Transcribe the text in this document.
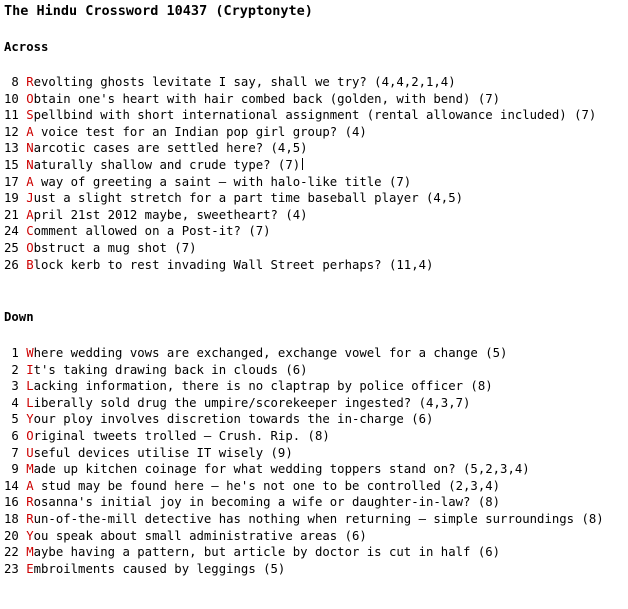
The Hindu Crossword 10437 (Cryptonyte)
Across
8 Revolting ghosts levitate I say, shall we try? (4,4,2,1,4)
10 Obtain one's heart with hair combed back (golden, with bend) (7)
11 Spellbind with short international assignment (rental allowance included) (7)
12 A voice test for an Indian pop girl group? (4)
13 Narcotic cases are settled here? (4,5)
15 Naturally shallow and crude type? (7)
17 A way of greeting a saint — with halo-like title (7)
19 Just a slight stretch for a part time baseball player (4,5)
21 April 21st 2012 maybe, sweetheart? (4)
24 Comment allowed on a Post-it? (7)
25 Obstruct a mug shot (7)
26 Block kerb to rest invading Wall Street perhaps? (11,4)
Down
1 Where wedding vows are exchanged, exchange vowel for a change (5)
2 It's taking drawing back in clouds (6)
3 Lacking information, there is no claptrap by police officer (8)
4 Liberally sold drug the umpire/scorekeeper ingested? (4,3,7)
5 Your ploy involves discretion towards the in-charge (6)
6 Original tweets trolled — Crush. Rip. (8)
7 Useful devices utilise IT wisely (9)
9 Made up kitchen coinage for what wedding toppers stand on? (5,2,3,4)
14 A stud may be found here — he's not one to be controlled (2,3,4)
16 Rosanna's initial joy in becoming a wife or daughter-in-law? (8)
18 Run-of-the-mill detective has nothing when returning — simple surroundings (8)
20 You speak about small administrative areas (6)
22 Maybe having a pattern, but article by doctor is cut in half (6)
23 Embroilments caused by leggings (5)
